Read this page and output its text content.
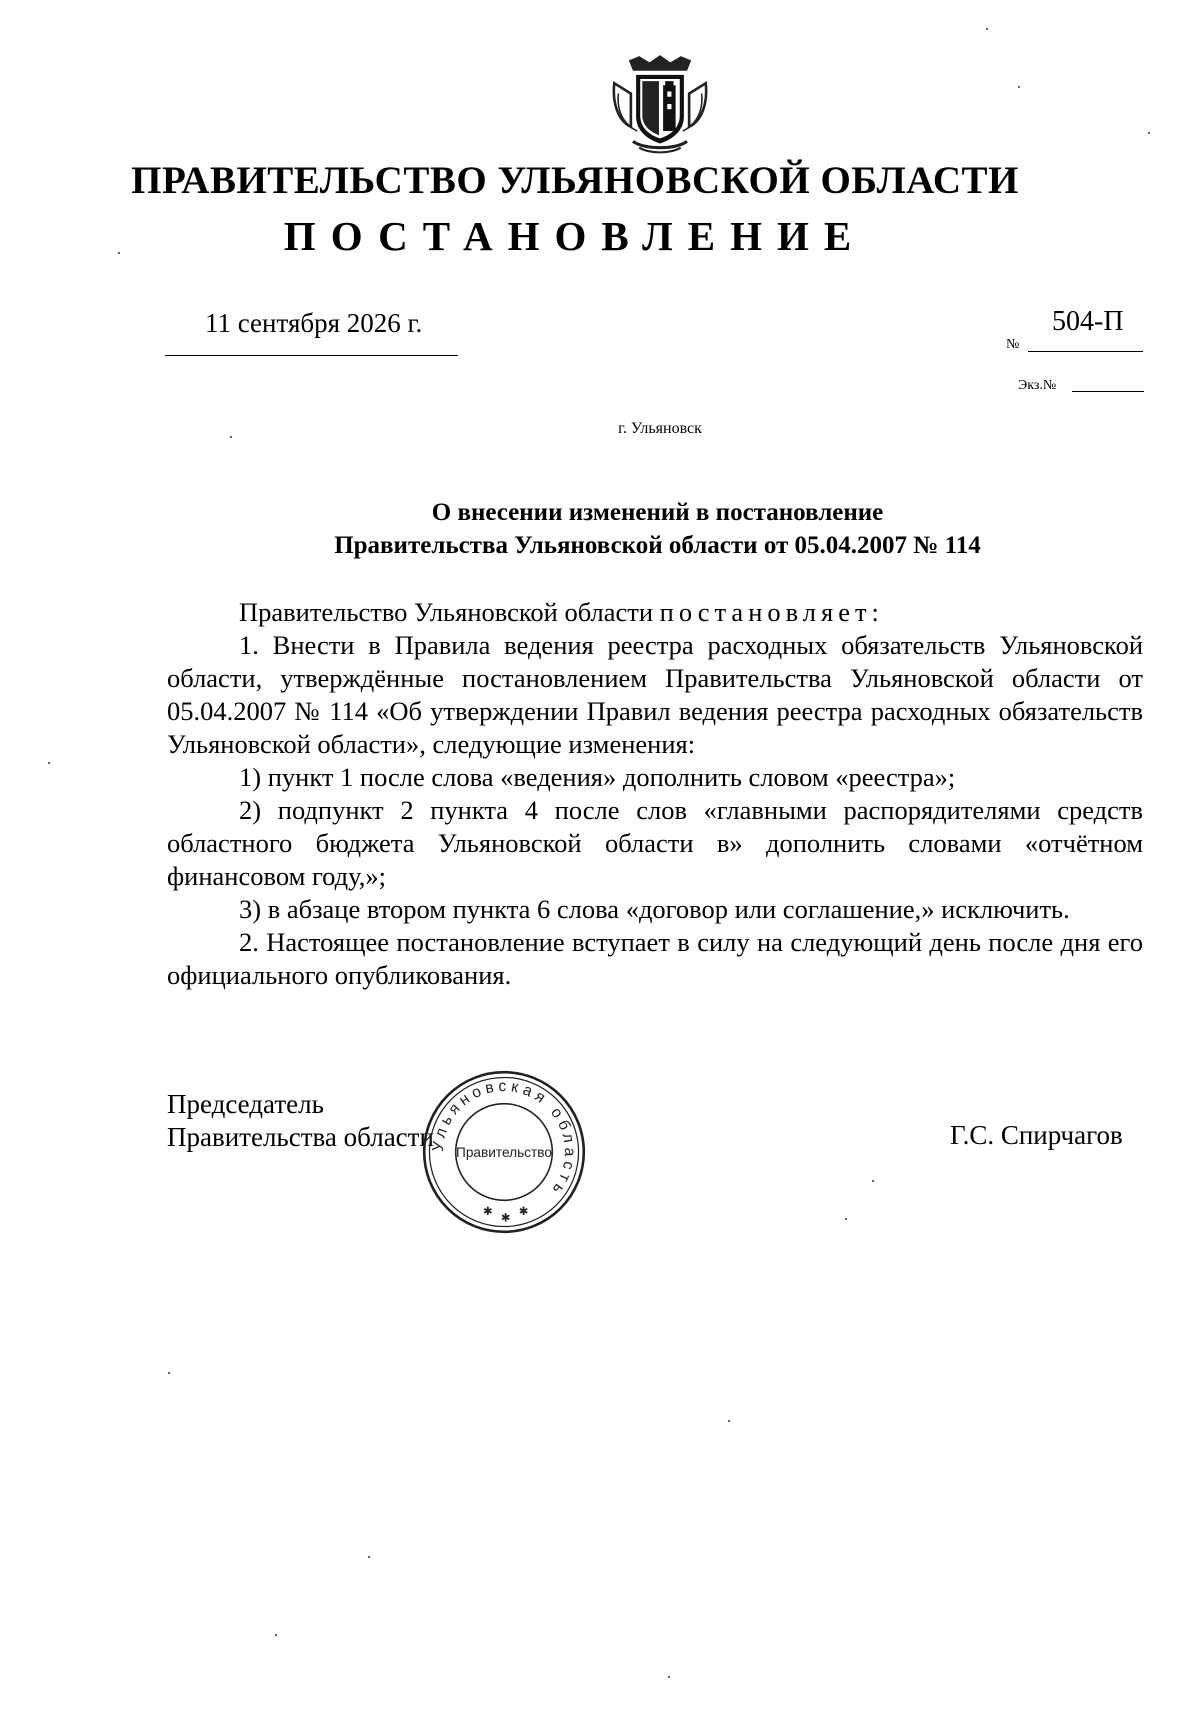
ПРАВИТЕЛЬСТВО УЛЬЯНОВСКОЙ ОБЛАСТИ
ПОСТАНОВЛЕНИЕ
11 сентября 2026 г.	504-П
№
Экз.№
г. Ульяновск
О внесении изменений в постановление
Правительства Ульяновской области от 05.04.2007 № 114

Правительство Ульяновской области постановляет:

1. Внести в Правила ведения реестра расходных обязательств Ульяновской области, утверждённые постановлением Правительства Ульяновской области от 05.04.2007 № 114 «Об утверждении Правил ведения реестра расходных обязательств Ульяновской области», следующие изменения:

1) пункт 1 после слова «ведения» дополнить словом «реестра»;

2) подпункт 2 пункта 4 после слов «главными распорядителями средств областного бюджета Ульяновской области в» дополнить словами «отчётном финансовом году,»;

3) в абзаце втором пункта 6 слова «договор или соглашение,» исключить.

2. Настоящее постановление вступает в силу на следующий день после дня его официального опубликования.

Председатель
Правительства области	Г.С. Спирчагов
Ульяновская область
Правительство
✱
✱
✱
